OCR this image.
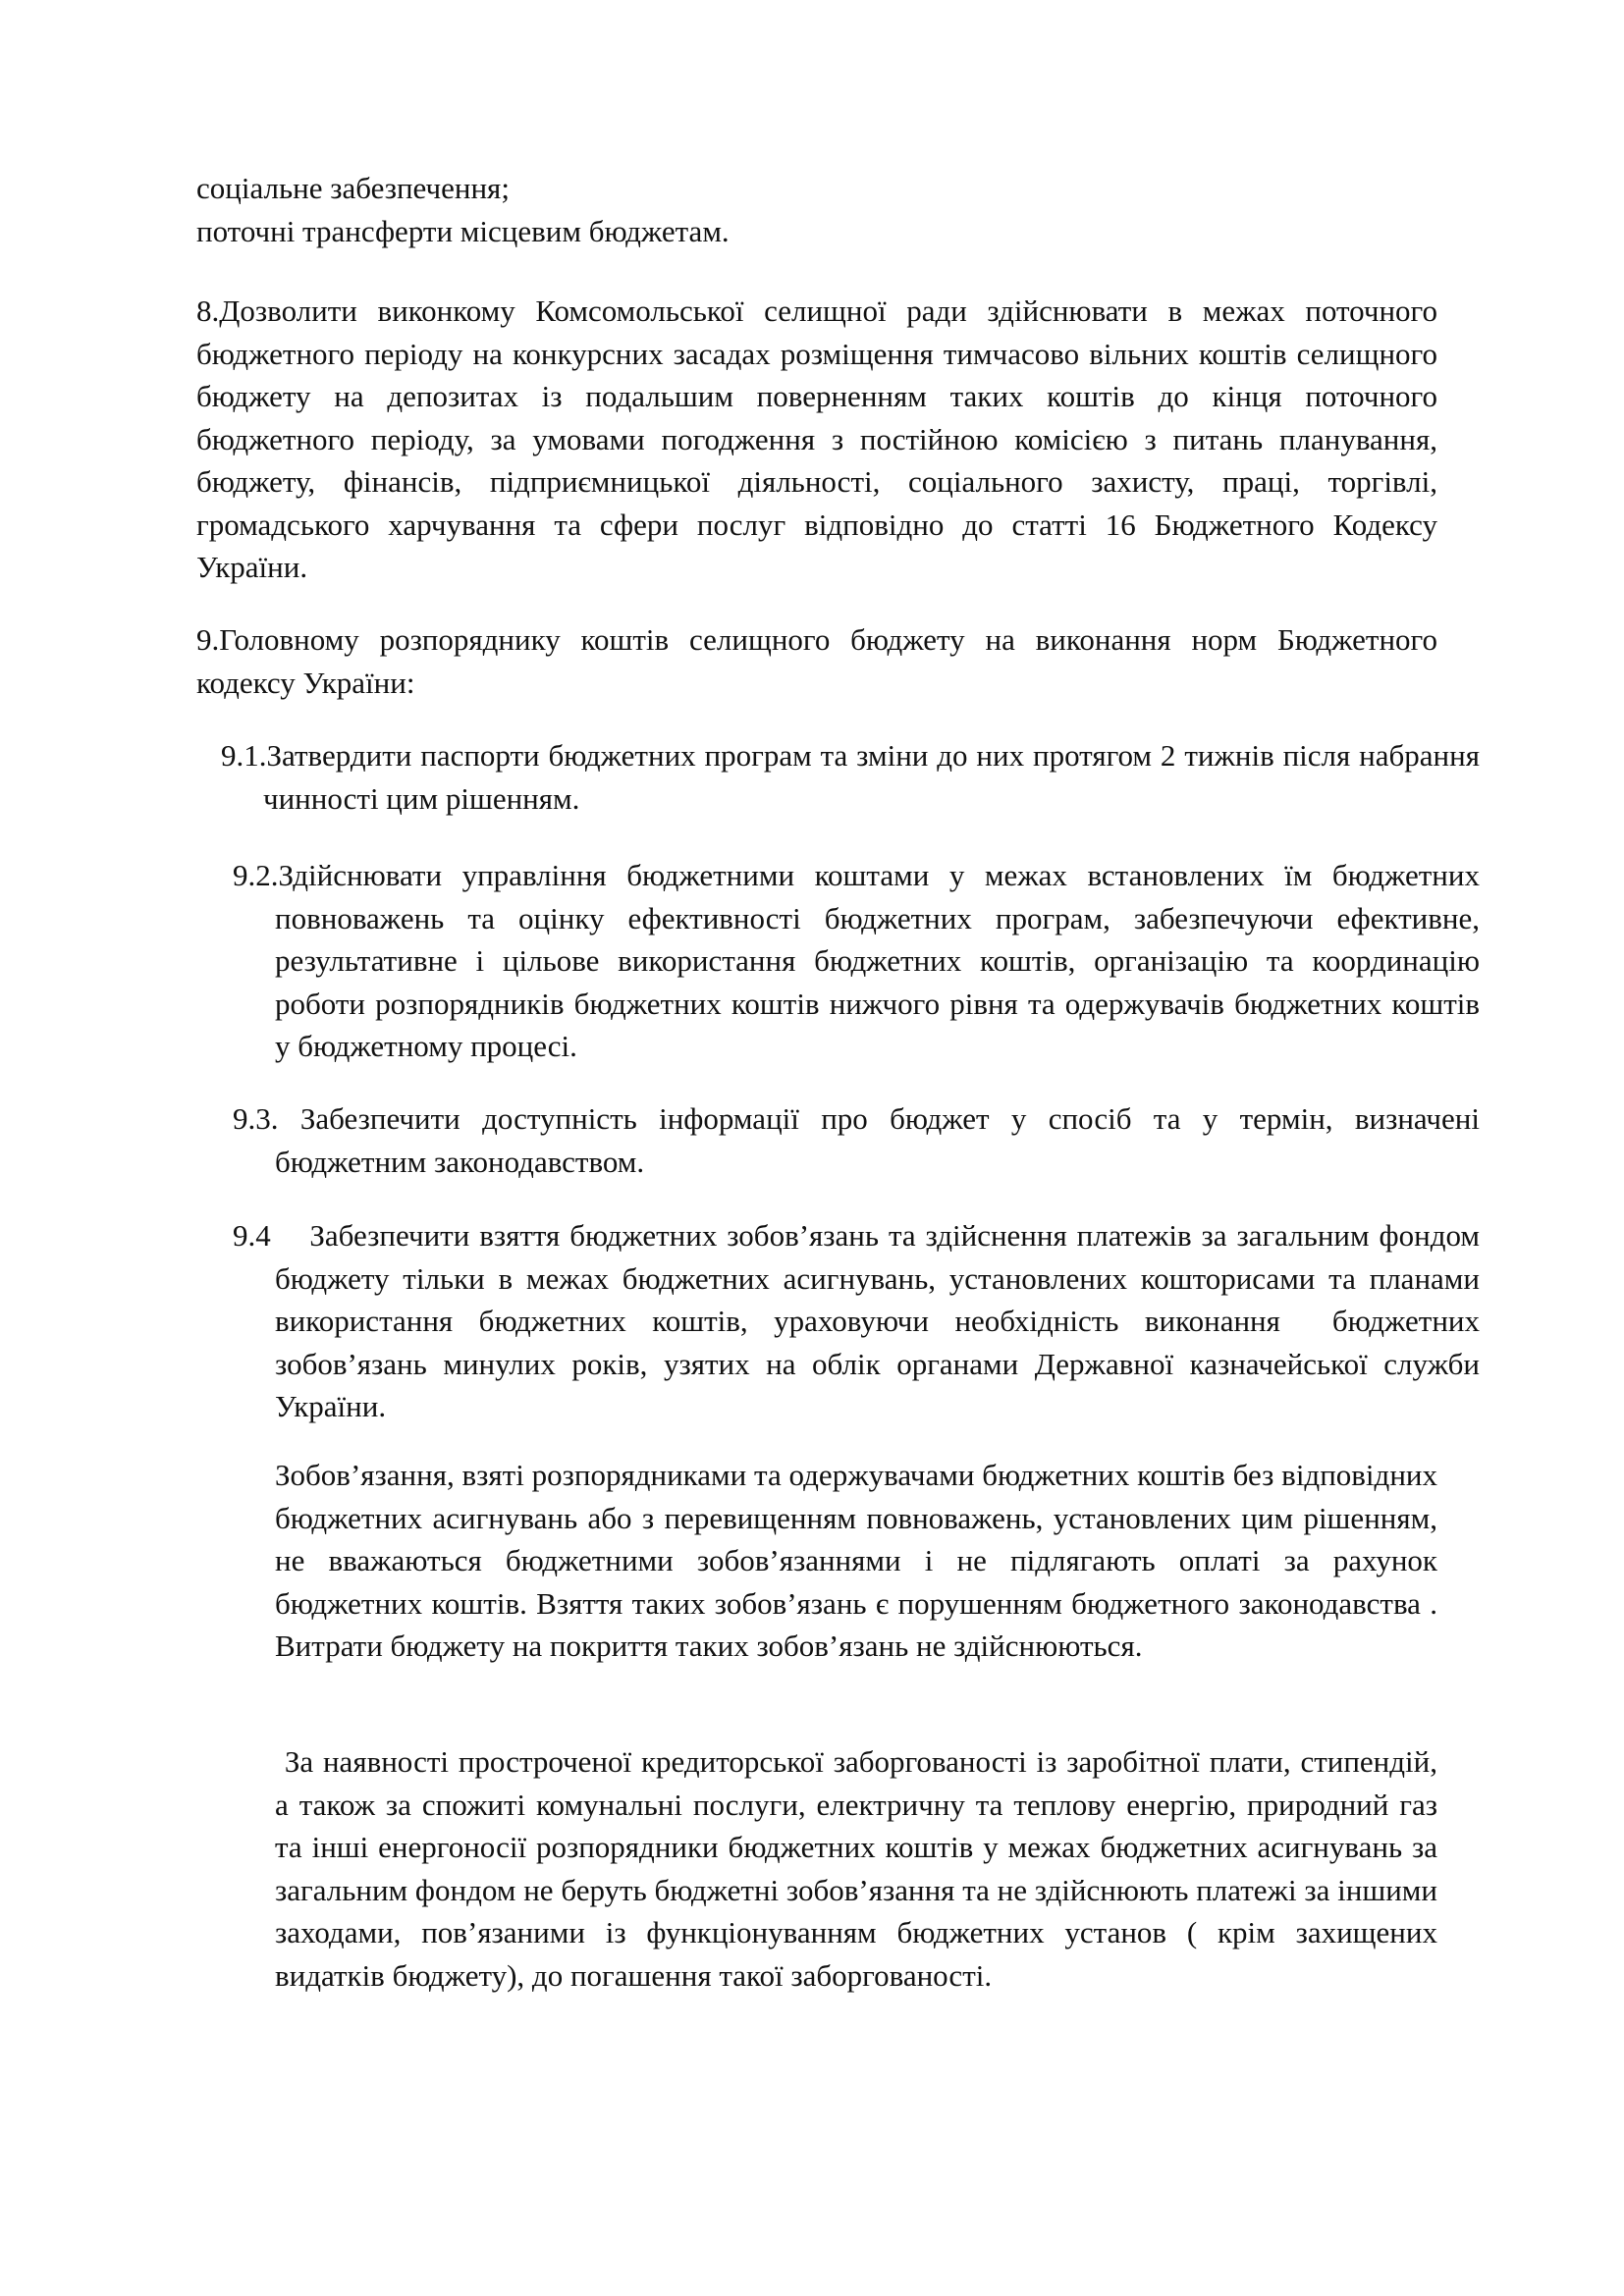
соціальне забезпечення;
поточні трансферти місцевим бюджетам.

8.Дозволити виконкому Комсомольської селищної ради здійснювати в межах поточного бюджетного періоду на конкурсних засадах розміщення тимчасово вільних коштів селищного бюджету на депозитах із подальшим поверненням таких коштів до кінця поточного бюджетного періоду, за умовами погодження з постійною комісією з питань планування, бюджету, фінансів, підприємницької діяльності, соціального захисту, праці, торгівлі, громадського харчування та сфери послуг відповідно до статті 16 Бюджетного Кодексу України.

9.Головному розпоряднику коштів селищного бюджету на виконання норм Бюджетного кодексу України:

9.1.Затвердити паспорти бюджетних програм та зміни до них протягом 2 тижнів після набрання чинності цим рішенням.

9.2.Здійснювати управління бюджетними коштами у межах встановлених їм бюджетних повноважень та оцінку ефективності бюджетних програм, забезпечуючи ефективне, результативне і цільове використання бюджетних коштів, організацію та координацію роботи розпорядників бюджетних коштів нижчого рівня та одержувачів бюджетних коштів у бюджетному процесі.

9.3. Забезпечити доступність інформації про бюджет у спосіб та у термін, визначені бюджетним законодавством.

9.4    Забезпечити взяття бюджетних зобов’язань та здійснення платежів за загальним фондом бюджету тільки в межах бюджетних асигнувань, установлених кошторисами та планами використання бюджетних коштів, ураховуючи необхідність виконання  бюджетних зобов’язань минулих років, узятих на облік органами Державної казначейської служби України.

Зобов’язання, взяті розпорядниками та одержувачами бюджетних коштів без відповідних бюджетних асигнувань або з перевищенням повноважень, установлених цим рішенням, не вважаються бюджетними зобов’язаннями і не підлягають оплаті за рахунок бюджетних коштів. Взяття таких зобов’язань є порушенням бюджетного законодавства . Витрати бюджету на покриття таких зобов’язань не здійснюються.

За наявності простроченої кредиторської заборгованості із заробітної плати, стипендій, а також за спожиті комунальні послуги, електричну та теплову енергію, природний газ та інші енергоносії розпорядники бюджетних коштів у межах бюджетних асигнувань за загальним фондом не беруть бюджетні зобов’язання та не здійснюють платежі за іншими заходами, пов’язаними із функціонуванням бюджетних установ ( крім захищених видатків бюджету), до погашення такої заборгованості.
